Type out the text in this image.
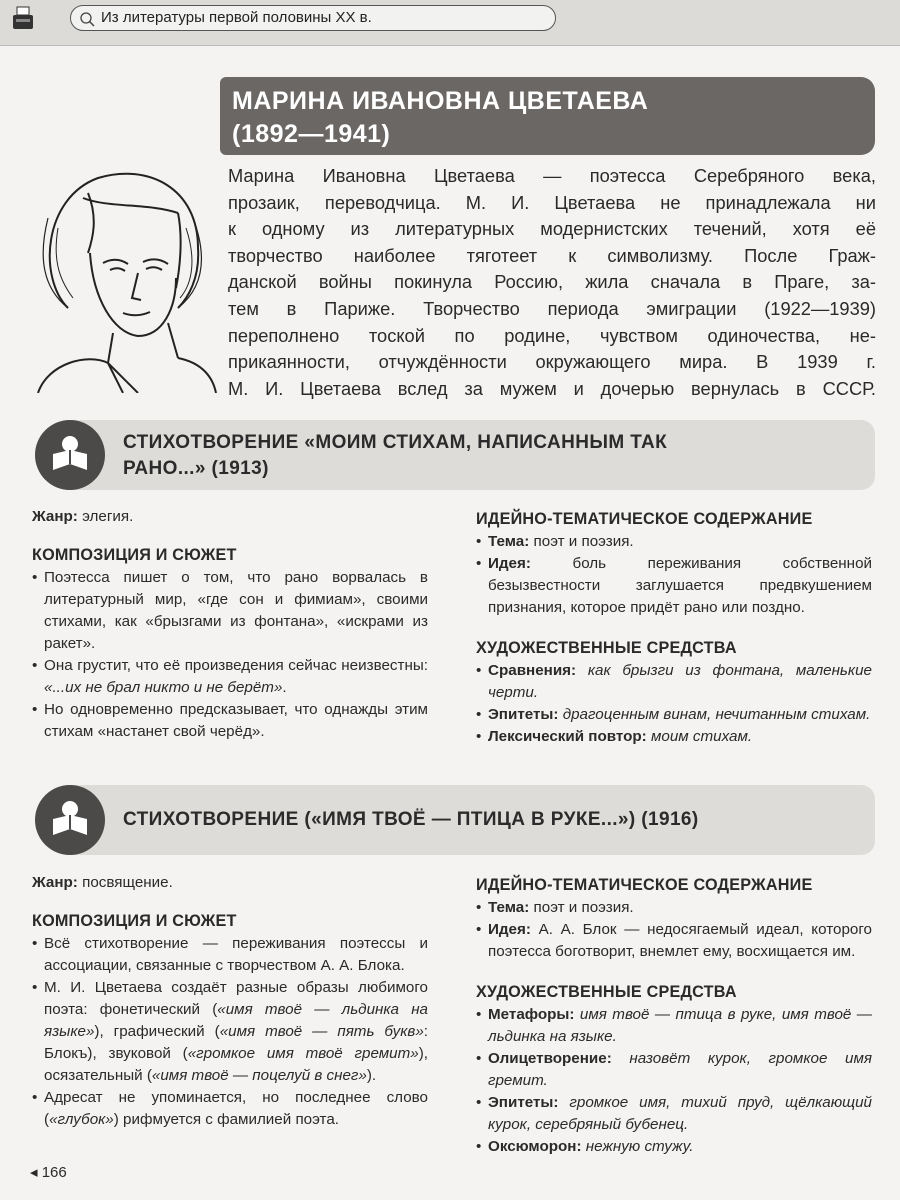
Из литературы первой половины XX в.
МАРИНА ИВАНОВНА ЦВЕТАЕВА
(1892—1941)
Марина Ивановна Цветаева — поэтесса Серебряного века,
прозаик, переводчица. М. И. Цветаева не принадлежала ни
к одному из литературных модернистских течений, хотя её
творчество наиболее тяготеет к символизму. После Граж-
данской войны покинула Россию, жила сначала в Праге, за-
тем в Париже. Творчество периода эмиграции (1922—1939)
переполнено тоской по родине, чувством одиночества, не-
прикаянности, отчуждённости окружающего мира. В 1939 г.
М. И. Цветаева вслед за мужем и дочерью вернулась в СССР.
СТИХОТВОРЕНИЕ «МОИМ СТИХАМ, НАПИСАННЫМ ТАК
РАНО...» (1913)

Жанр: элегия.

КОМПОЗИЦИЯ И СЮЖЕТ
• Поэтесса пишет о том, что рано ворвалась в литературный мир, «где сон и фимиам», своими стихами, как «брызгами из фонтана», «искрами из ракет».
• Она грустит, что её произведения сейчас неизвестны: «...их не брал никто и не берёт».
• Но одновременно предсказывает, что однажды этим стихам «настанет свой черёд».
ИДЕЙНО-ТЕМАТИЧЕСКОЕ СОДЕРЖАНИЕ
• Тема: поэт и поэзия.
• Идея:	боль переживания собственной безызвестности заглушается предвкушением признания, которое придёт рано или поздно.
ХУДОЖЕСТВЕННЫЕ СРЕДСТВА
• Сравнения: как брызги из фонтана, маленькие черти.
• Эпитеты: драгоценным винам, нечитанным стихам.
• Лексический повтор: моим стихам.
СТИХОТВОРЕНИЕ («ИМЯ ТВОЁ — ПТИЦА В РУКЕ...») (1916)

Жанр: посвящение.

КОМПОЗИЦИЯ И СЮЖЕТ
• Всё стихотворение — переживания поэтессы и ассоциации, связанные с творчеством А. А. Блока.
• М. И. Цветаева создаёт разные образы любимого поэта: фонетический («имя твоё — льдинка на языке»), графический («имя твоё — пять букв»: Блокъ), звуковой («громкое имя твоё гремит»), осязательный («имя твоё — поцелуй в снег»).
• Адресат не упоминается, но последнее слово («глубок») рифмуется с фамилией поэта.
ИДЕЙНО-ТЕМАТИЧЕСКОЕ СОДЕРЖАНИЕ
• Тема: поэт и поэзия.
• Идея: А. А. Блок — недосягаемый идеал, которого поэтесса боготворит, внемлет ему, восхищается им.
ХУДОЖЕСТВЕННЫЕ СРЕДСТВА
• Метафоры: имя твоё — птица в руке, имя твоё — льдинка на языке.
• Олицетворение: назовёт курок, громкое имя гремит.
• Эпитеты: громкое имя, тихий пруд, щёлкающий курок, серебряный бубенец.
• Оксюморон: нежную стужу.
◂ 166
